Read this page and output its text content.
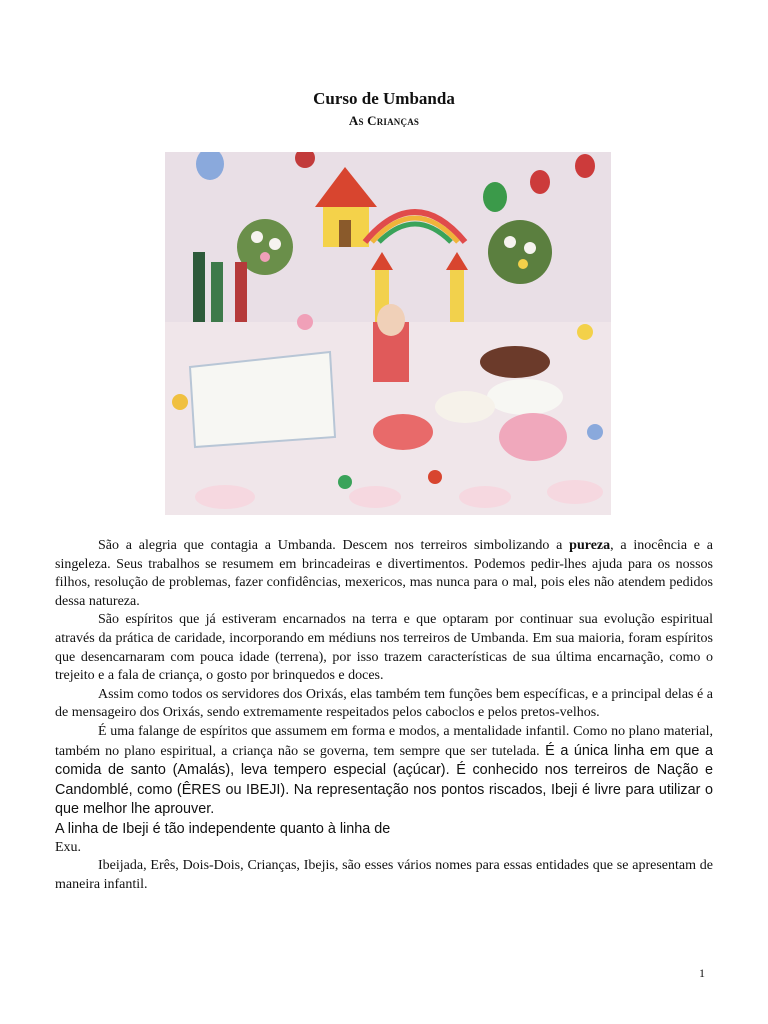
Curso de Umbanda
As Crianças

São a alegria que contagia a Umbanda. Descem nos terreiros simbolizando a pureza, a inocência e a singeleza. Seus trabalhos se resumem em brincadeiras e divertimentos. Podemos pedir-lhes ajuda para os nossos filhos, resolução de problemas, fazer confidências, mexericos, mas nunca para o mal, pois eles não atendem pedidos dessa natureza.

São espíritos que já estiveram encarnados na terra e que optaram por continuar sua evolução espiritual através da prática de caridade, incorporando em médiuns nos terreiros de Umbanda. Em sua maioria, foram espíritos que desencarnaram com pouca idade (terrena), por isso trazem características de sua última encarnação, como o trejeito e a fala de criança, o gosto por brinquedos e doces.

Assim como todos os servidores dos Orixás, elas também tem funções bem específicas, e a principal delas é a de mensageiro dos Orixás, sendo extremamente respeitados pelos caboclos e pelos pretos-velhos.

É uma falange de espíritos que assumem em forma e modos, a mentalidade infantil. Como no plano material, também no plano espiritual, a criança não se governa, tem sempre que ser tutelada. É a única linha em que a comida de santo (Amalás), leva tempero especial (açúcar). É conhecido nos terreiros de Nação e Candomblé, como (ÊRES ou IBEJI). Na representação nos pontos riscados, Ibeji é livre para utilizar o que melhor lhe aprouver.

A linha de Ibeji é tão independente quanto à linha de
Exu.

Ibeijada, Erês, Dois-Dois, Crianças, Ibejis, são esses vários nomes para essas entidades que se apresentam de maneira infantil.

1
